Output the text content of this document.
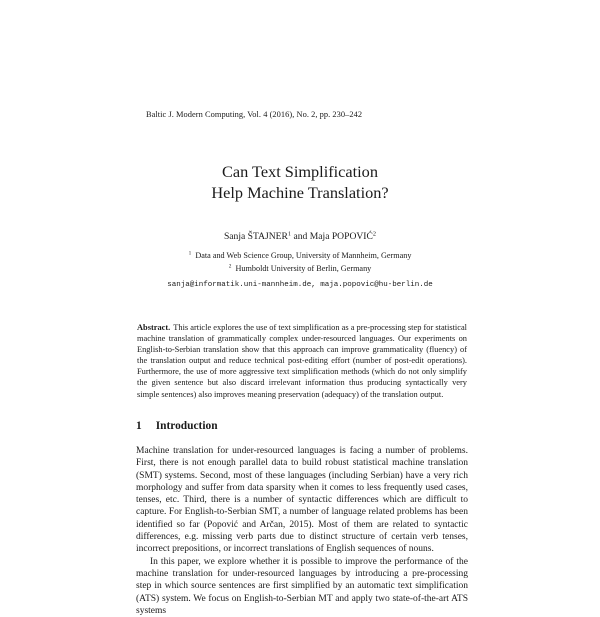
Baltic J. Modern Computing, Vol. 4 (2016), No. 2, pp. 230–242
Can Text Simplification
Help Machine Translation?
Sanja ŠTAJNER$^1$ and Maja POPOVIĆ$^2$
$^1$ Data and Web Science Group, University of Mannheim, Germany
$^2$ Humboldt University of Berlin, Germany
sanja@informatik.uni-mannheim.de, maja.popovic@hu-berlin.de
Abstract. This article explores the use of text simplification as a pre-processing step for statistical machine translation of grammatically complex under-resourced languages. Our experiments on English-to-Serbian translation show that this approach can improve grammaticality (fluency) of the translation output and reduce technical post-editing effort (number of post-edit operations). Furthermore, the use of more aggressive text simplification methods (which do not only simplify the given sentence but also discard irrelevant information thus producing syntactically very simple sentences) also improves meaning preservation (adequacy) of the translation output.
1 Introduction

Machine translation for under-resourced languages is facing a number of problems. First, there is not enough parallel data to build robust statistical machine translation (SMT) systems. Second, most of these languages (including Serbian) have a very rich morphology and suffer from data sparsity when it comes to less frequently used cases, tenses, etc. Third, there is a number of syntactic differences which are difficult to capture. For English-to-Serbian SMT, a number of language related problems has been identified so far (Popović and Arčan, 2015). Most of them are related to syntactic differences, e.g. missing verb parts due to distinct structure of certain verb tenses, incorrect prepositions, or incorrect translations of English sequences of nouns.

In this paper, we explore whether it is possible to improve the performance of the machine translation for under-resourced languages by introducing a pre-processing step in which source sentences are first simplified by an automatic text simplification (ATS) system. We focus on English-to-Serbian MT and apply two state-of-the-art ATS systems
